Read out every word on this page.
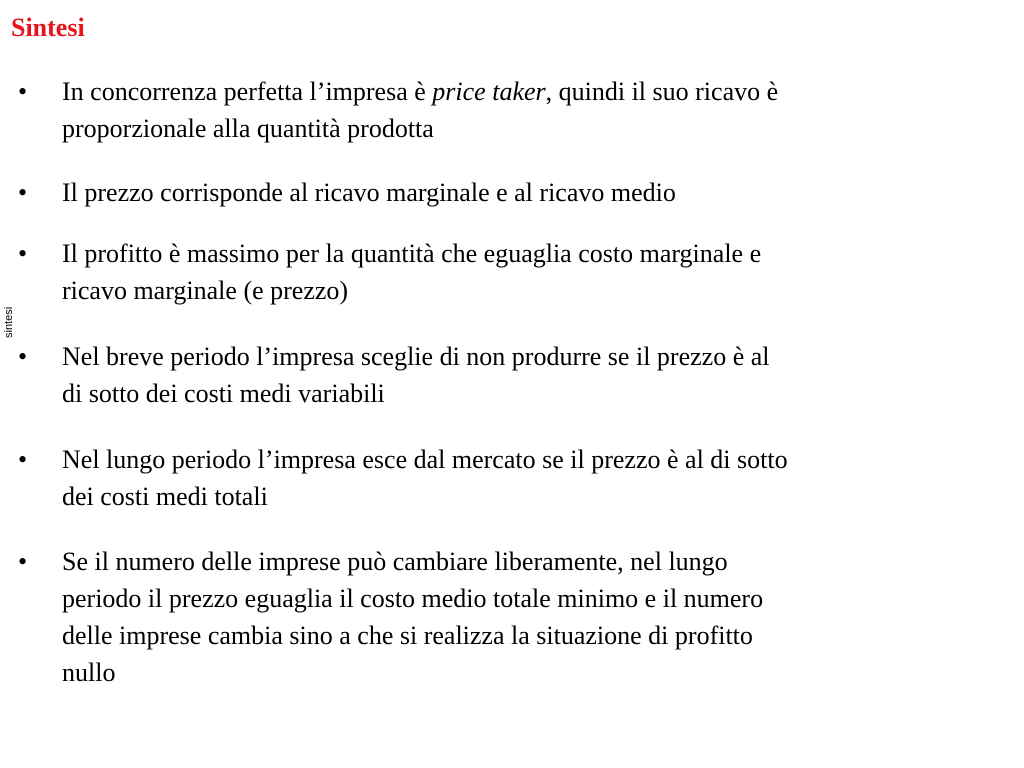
Sintesi
sintesi
•	In concorrenza perfetta l’impresa è price taker, quindi il suo ricavo è
proporzionale alla quantità prodotta
•	Il prezzo corrisponde al ricavo marginale e al ricavo medio
•	Il profitto è massimo per la quantità che eguaglia costo marginale e
ricavo marginale (e prezzo)
•	Nel breve periodo l’impresa sceglie di non produrre se il prezzo è al
di sotto dei costi medi variabili
•	Nel lungo periodo l’impresa esce dal mercato se il prezzo è al di sotto
dei costi medi totali
•	Se il numero delle imprese può cambiare liberamente, nel lungo
periodo il prezzo eguaglia il costo medio totale minimo e il numero
delle imprese cambia sino a che si realizza la situazione di profitto
nullo
